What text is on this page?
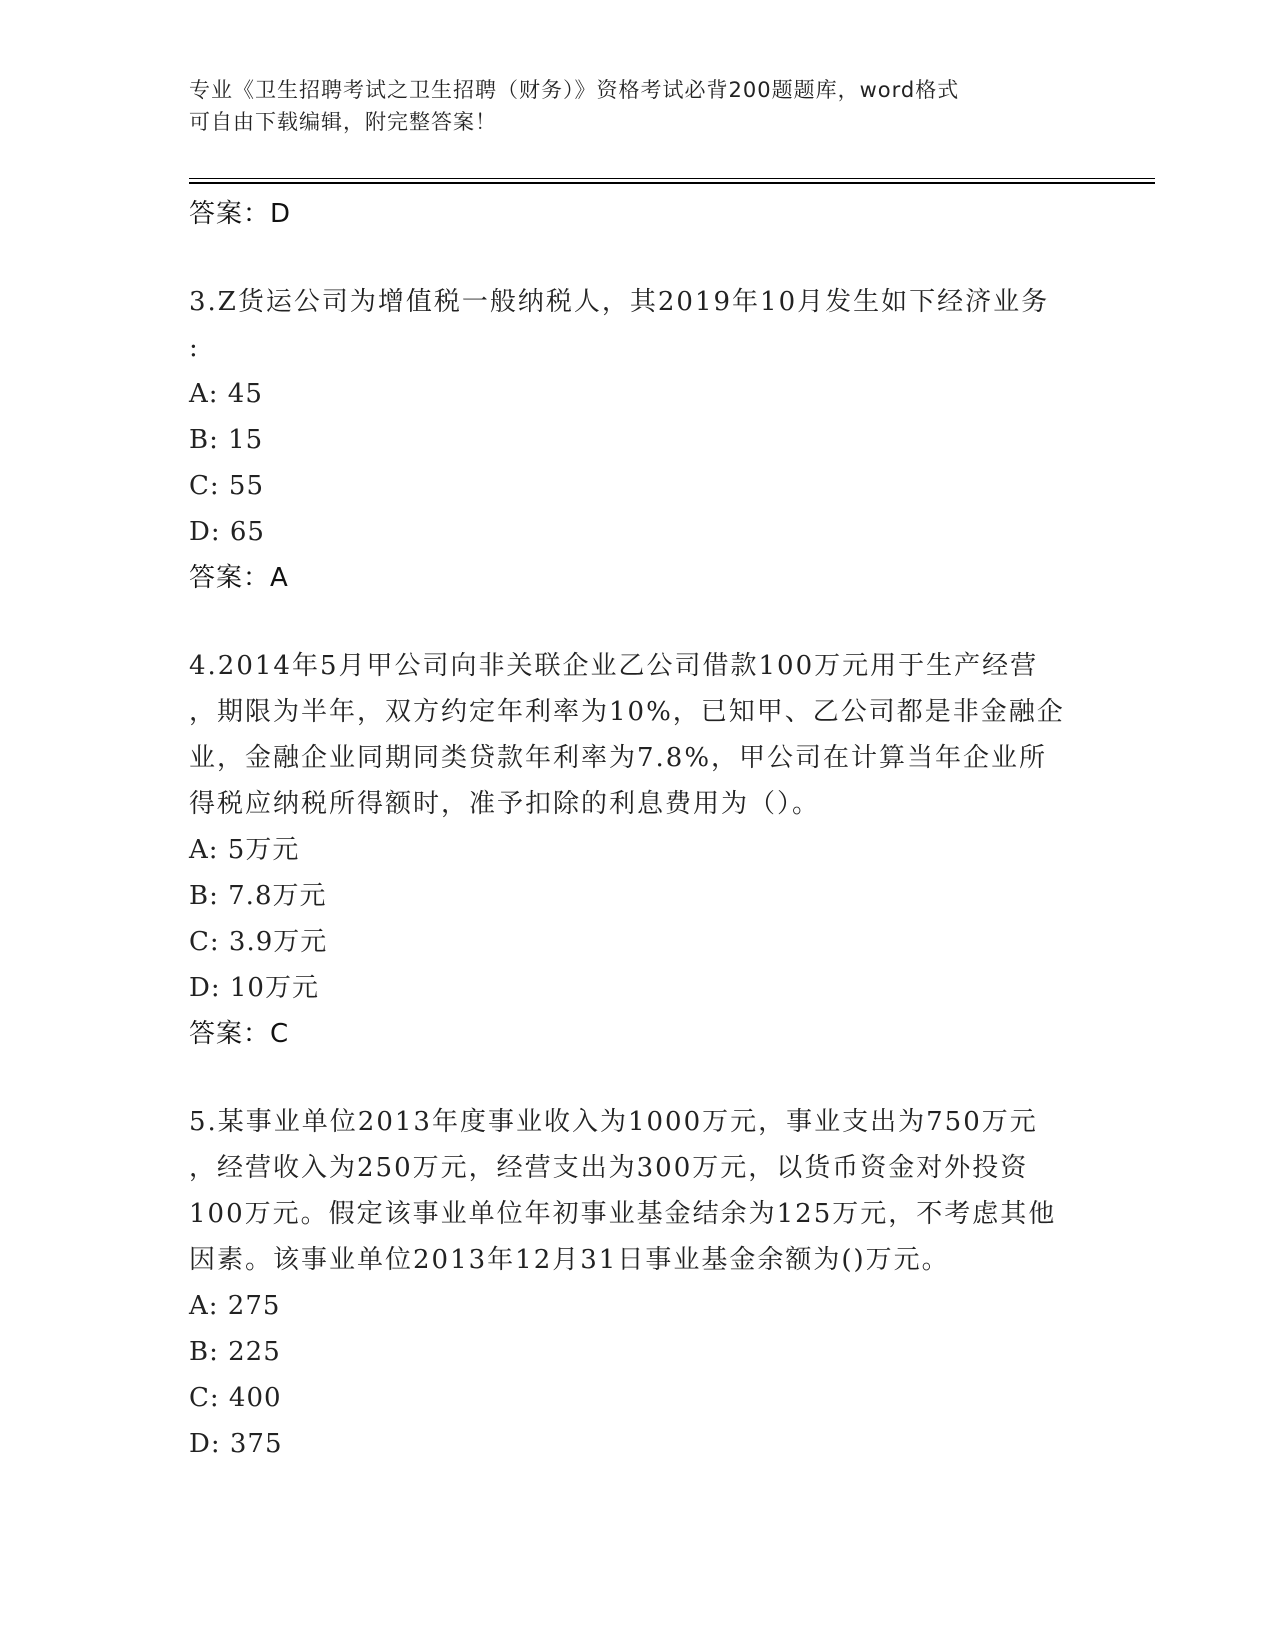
专业《卫生招聘考试之卫生招聘（财务）》资格考试必背200题题库，word格式
可自由下载编辑，附完整答案！
答案：D
3.Z货运公司为增值税一般纳税人，其2019年10月发生如下经济业务
:
A: 45
B: 15
C: 55
D: 65
答案：A
4.2014年5月甲公司向非关联企业乙公司借款100万元用于生产经营
，期限为半年，双方约定年利率为10%，已知甲、乙公司都是非金融企
业，金融企业同期同类贷款年利率为7.8%，甲公司在计算当年企业所
得税应纳税所得额时，准予扣除的利息费用为（）。
A: 5万元
B: 7.8万元
C: 3.9万元
D: 10万元
答案：C
5.某事业单位2013年度事业收入为1000万元，事业支出为750万元
，经营收入为250万元，经营支出为300万元，以货币资金对外投资
100万元。假定该事业单位年初事业基金结余为125万元，不考虑其他
因素。该事业单位2013年12月31日事业基金余额为()万元。
A: 275
B: 225
C: 400
D: 375
